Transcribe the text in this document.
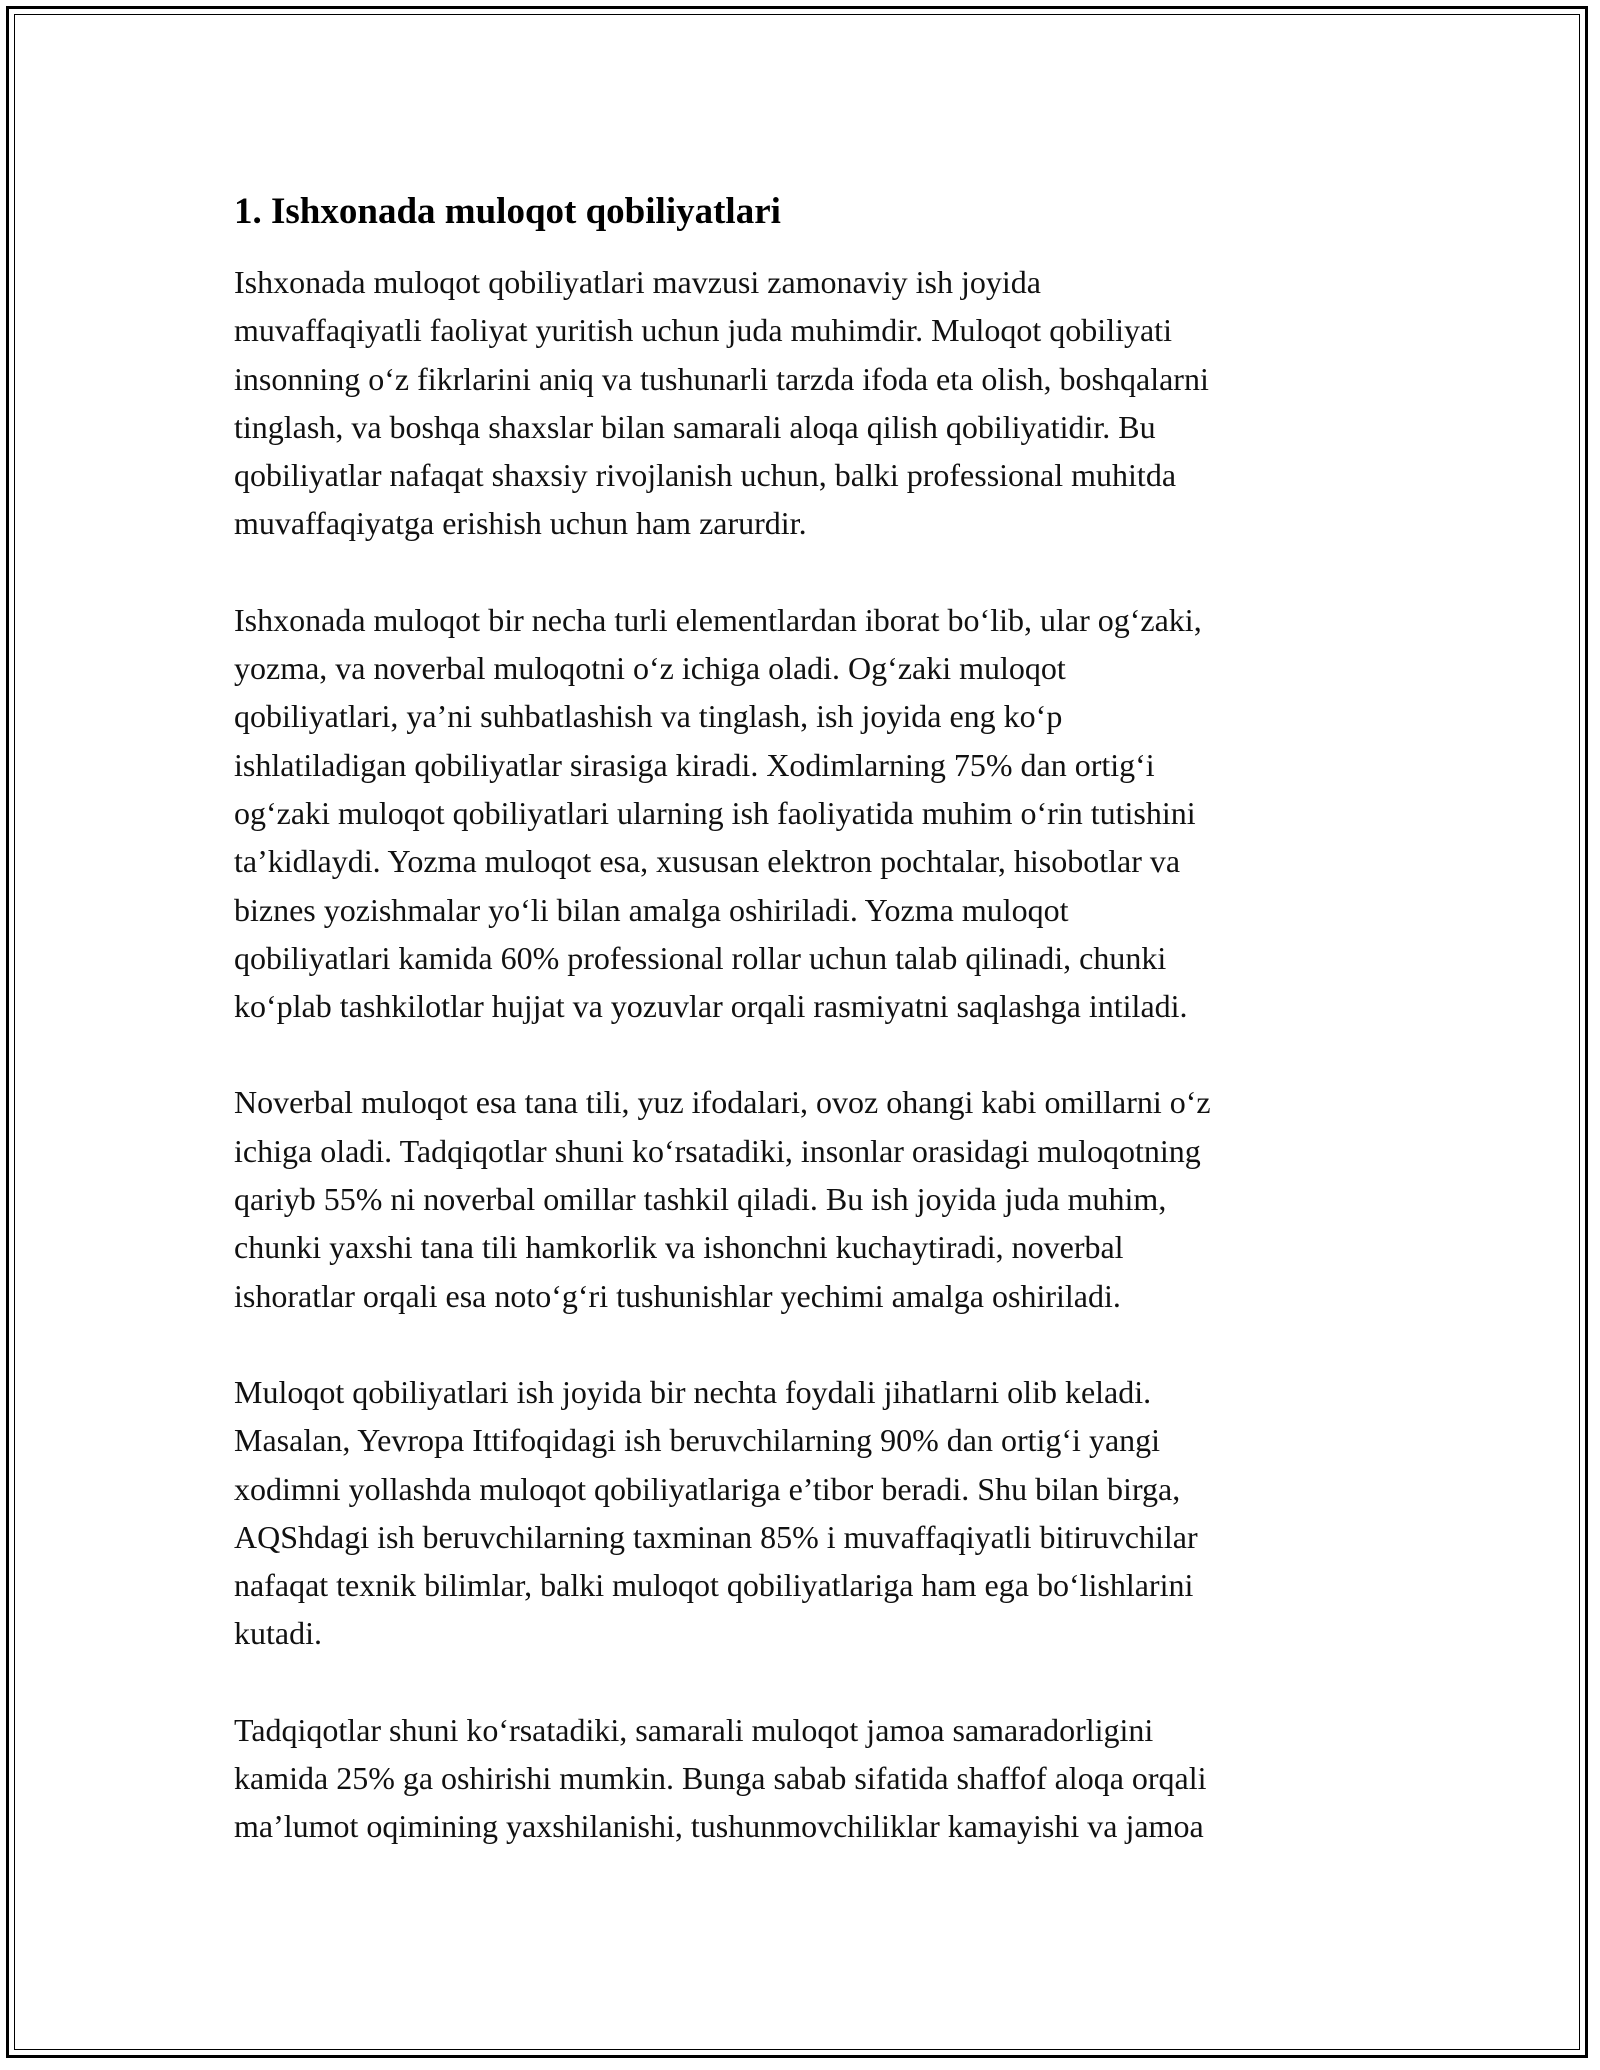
1. Ishxonada muloqot qobiliyatlari
Ishxonada muloqot qobiliyatlari mavzusi zamonaviy ish joyida
muvaffaqiyatli faoliyat yuritish uchun juda muhimdir. Muloqot qobiliyati
insonning o‘z fikrlarini aniq va tushunarli tarzda ifoda eta olish, boshqalarni
tinglash, va boshqa shaxslar bilan samarali aloqa qilish qobiliyatidir. Bu
qobiliyatlar nafaqat shaxsiy rivojlanish uchun, balki professional muhitda
muvaffaqiyatga erishish uchun ham zarurdir.
Ishxonada muloqot bir necha turli elementlardan iborat bo‘lib, ular og‘zaki,
yozma, va noverbal muloqotni o‘z ichiga oladi. Og‘zaki muloqot
qobiliyatlari, ya’ni suhbatlashish va tinglash, ish joyida eng ko‘p
ishlatiladigan qobiliyatlar sirasiga kiradi. Xodimlarning 75% dan ortig‘i
og‘zaki muloqot qobiliyatlari ularning ish faoliyatida muhim o‘rin tutishini
ta’kidlaydi. Yozma muloqot esa, xususan elektron pochtalar, hisobotlar va
biznes yozishmalar yo‘li bilan amalga oshiriladi. Yozma muloqot
qobiliyatlari kamida 60% professional rollar uchun talab qilinadi, chunki
ko‘plab tashkilotlar hujjat va yozuvlar orqali rasmiyatni saqlashga intiladi.
Noverbal muloqot esa tana tili, yuz ifodalari, ovoz ohangi kabi omillarni o‘z
ichiga oladi. Tadqiqotlar shuni ko‘rsatadiki, insonlar orasidagi muloqotning
qariyb 55% ni noverbal omillar tashkil qiladi. Bu ish joyida juda muhim,
chunki yaxshi tana tili hamkorlik va ishonchni kuchaytiradi, noverbal
ishoratlar orqali esa noto‘g‘ri tushunishlar yechimi amalga oshiriladi.
Muloqot qobiliyatlari ish joyida bir nechta foydali jihatlarni olib keladi.
Masalan, Yevropa Ittifoqidagi ish beruvchilarning 90% dan ortig‘i yangi
xodimni yollashda muloqot qobiliyatlariga e’tibor beradi. Shu bilan birga,
AQShdagi ish beruvchilarning taxminan 85% i muvaffaqiyatli bitiruvchilar
nafaqat texnik bilimlar, balki muloqot qobiliyatlariga ham ega bo‘lishlarini
kutadi.
Tadqiqotlar shuni ko‘rsatadiki, samarali muloqot jamoa samaradorligini
kamida 25% ga oshirishi mumkin. Bunga sabab sifatida shaffof aloqa orqali
ma’lumot oqimining yaxshilanishi, tushunmovchiliklar kamayishi va jamoa
